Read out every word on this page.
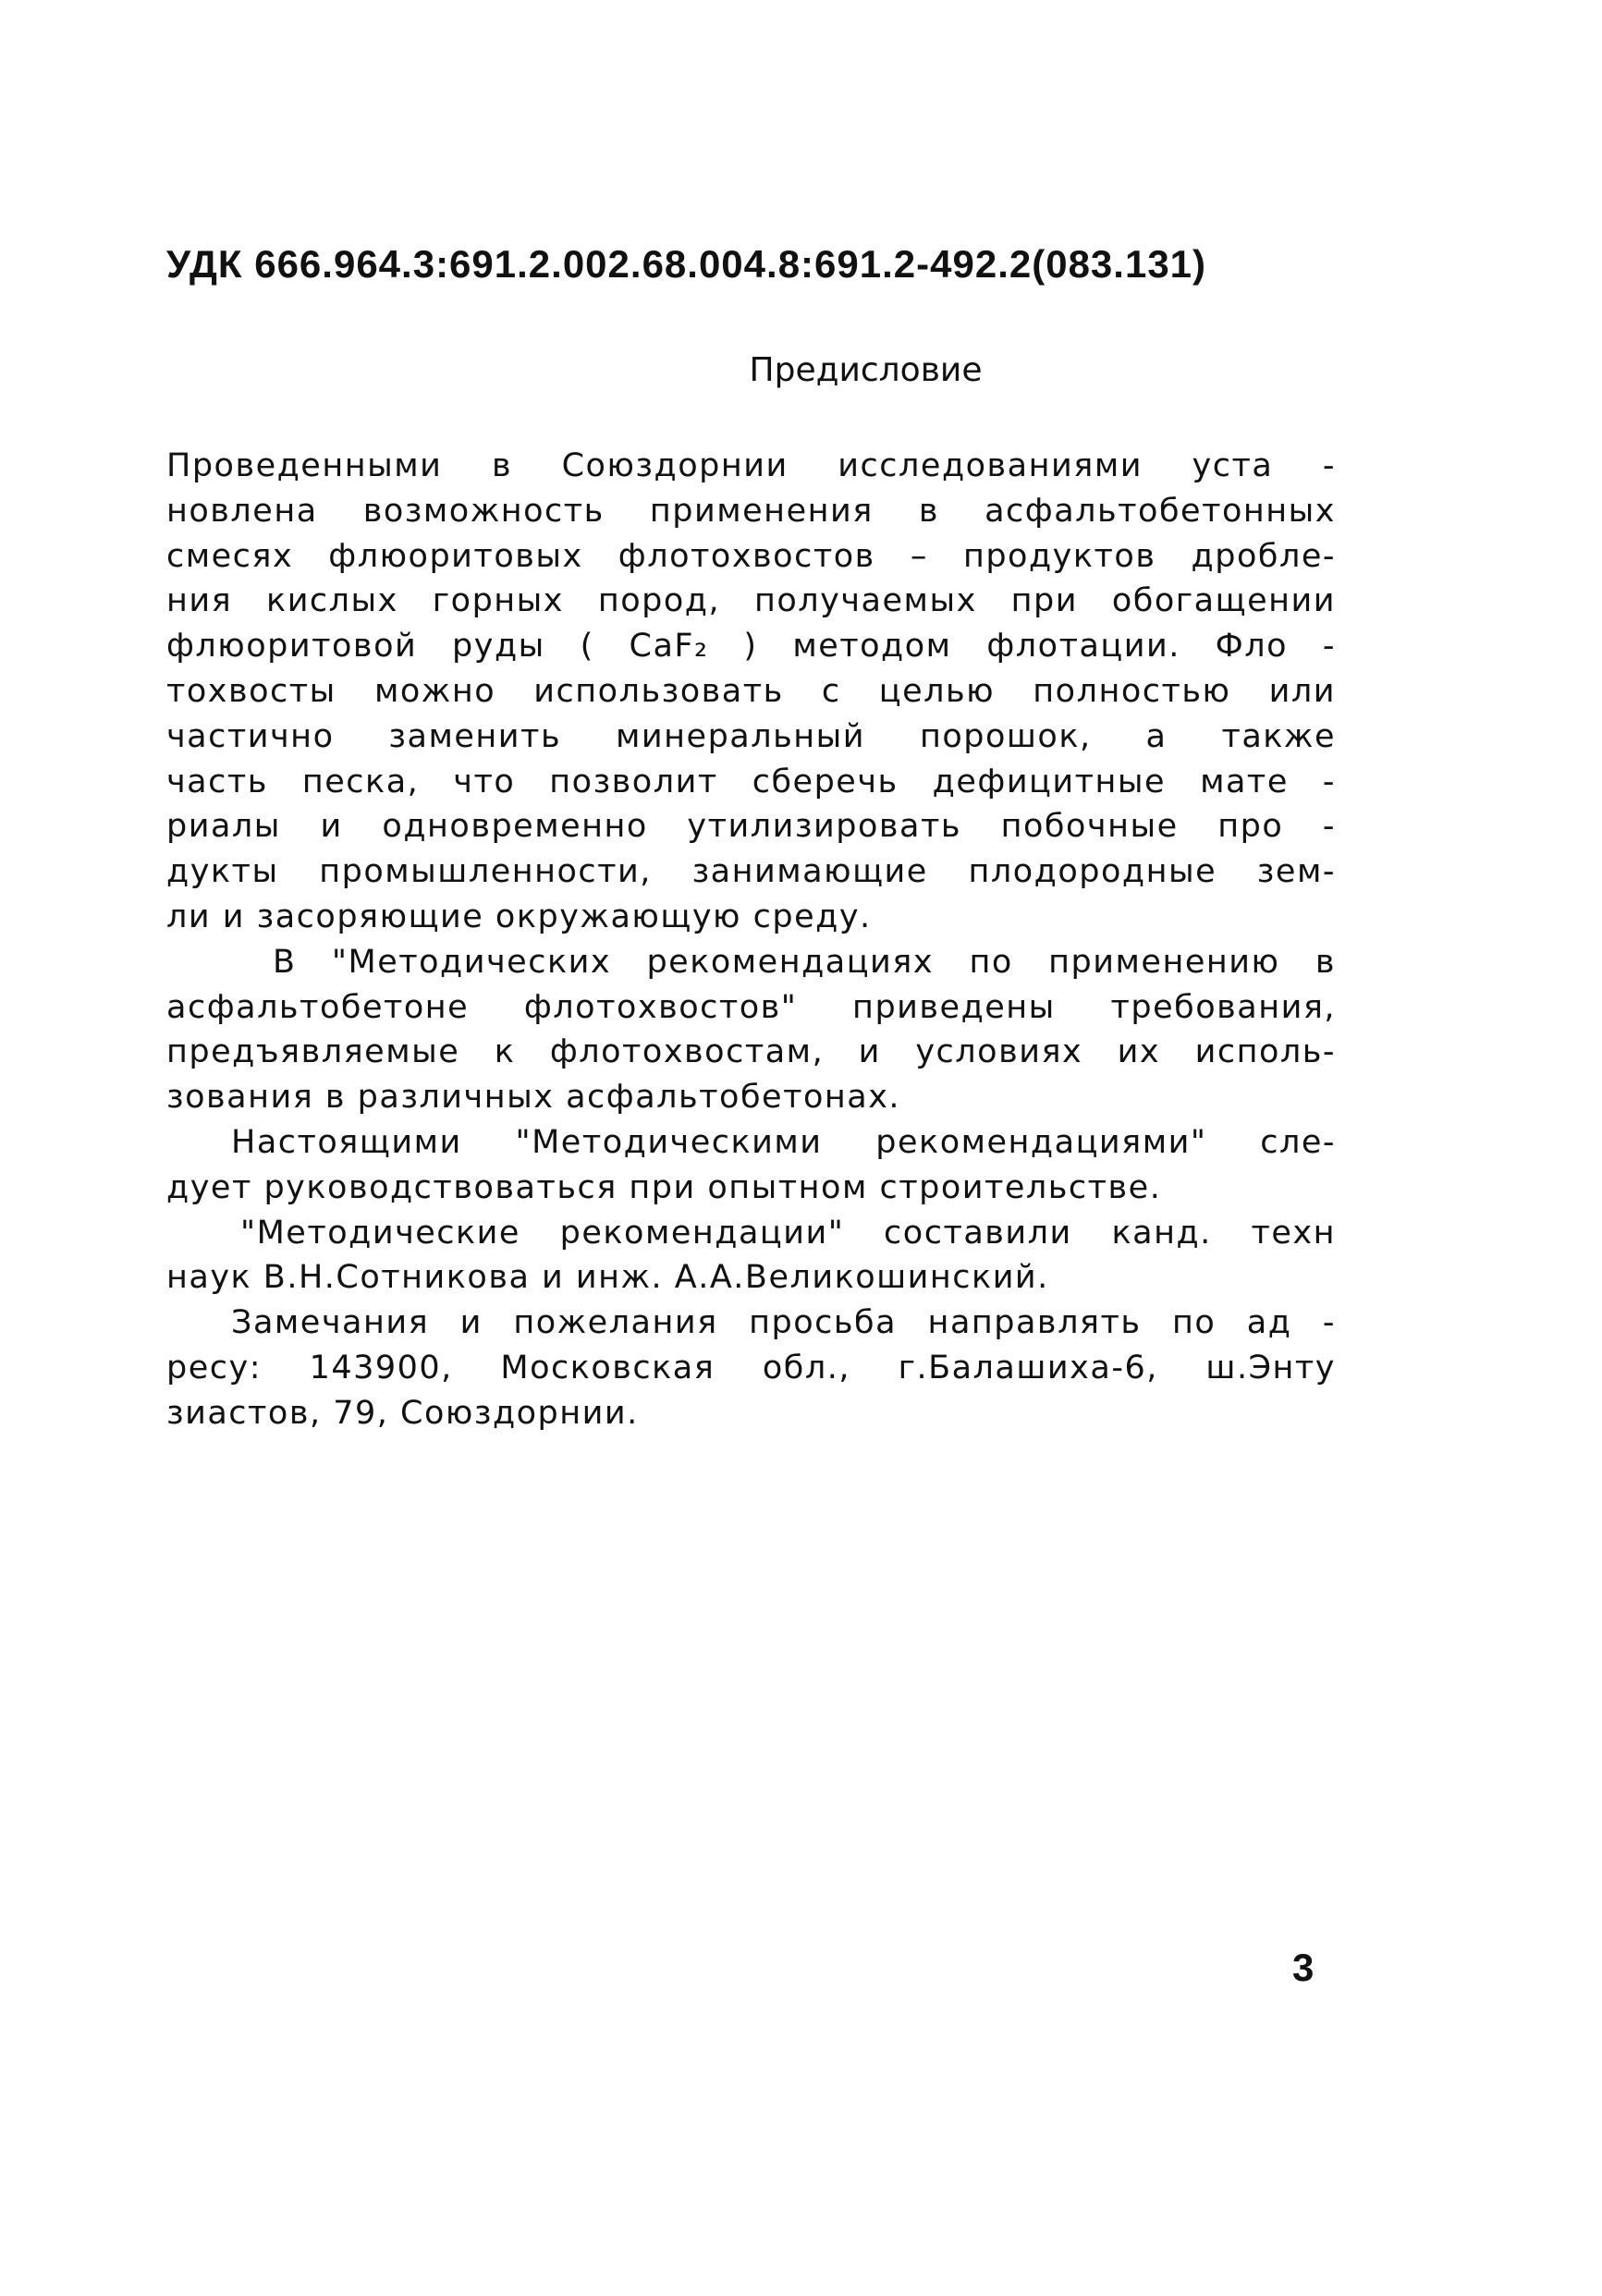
УДК 666.964.3:691.2.002.68.004.8:691.2-492.2(083.131)
Предисловие
Проведенными в Союздорнии исследованиями уста -
новлена возможность применения в асфальтобетонных
смесях флюоритовых флотохвостов – продуктов дробле-
ния кислых горных пород, получаемых при обогащении
флюоритовой руды ( CaF₂ ) методом флотации. Фло -
тохвосты можно использовать с целью полностью или
частично заменить минеральный порошок, а также
часть песка, что позволит сберечь дефицитные мате -
риалы и одновременно утилизировать побочные про -
дукты промышленности, занимающие плодородные зем-
ли и засоряющие окружающую среду.
В "Методических рекомендациях по применению в
асфальтобетоне флотохвостов" приведены требования,
предъявляемые к флотохвостам, и условиях их исполь-
зования в различных асфальтобетонах.
Настоящими "Методическими рекомендациями" сле-
дует руководствоваться при опытном строительстве.
"Методические рекомендации" составили канд. техн
наук В.Н.Сотникова и инж. А.А.Великошинский.
Замечания и пожелания просьба направлять по ад -
ресу: 143900, Московская обл., г.Балашиха-6, ш.Энту
зиастов, 79, Союздорнии.
3
